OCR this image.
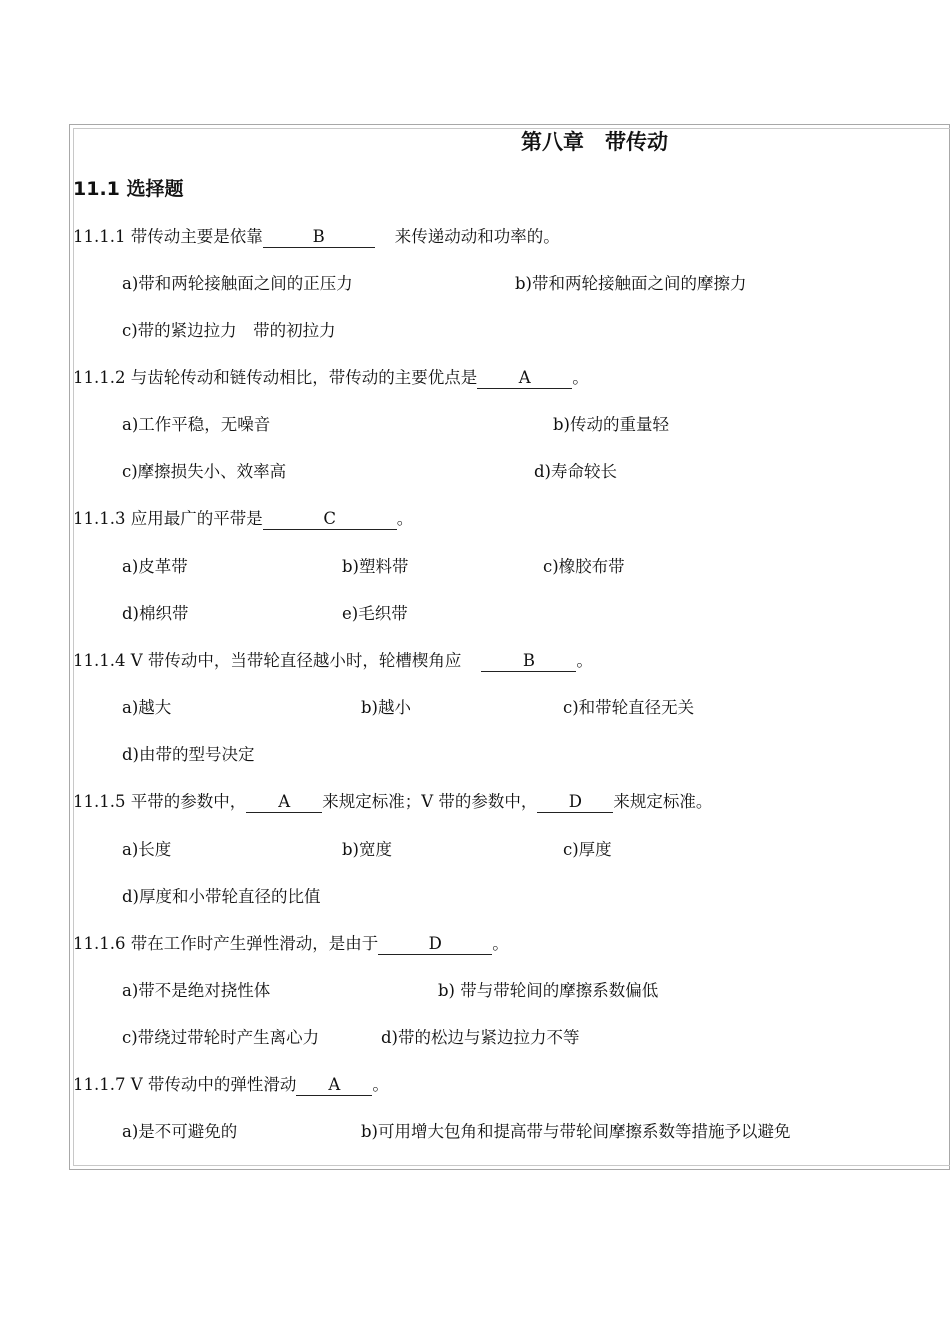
第八章　带传动
11.1 选择题
11.1.1 带传动主要是依靠	B	来传递动动和功率的。
a)带和两轮接触面之间的正压力	b)带和两轮接触面之间的摩擦力
c)带的紧边拉力　带的初拉力
11.1.2 与齿轮传动和链传动相比，带传动的主要优点是	A	。
a)工作平稳，无噪音	b)传动的重量轻
c)摩擦损失小、效率高	d)寿命较长
11.1.3 应用最广的平带是	C	。
a)皮革带	b)塑料带	c)橡胶布带
d)棉织带	e)毛织带
11.1.4 V 带传动中，当带轮直径越小时，轮槽楔角应	B	。
a)越大	b)越小	c)和带轮直径无关
d)由带的型号决定
11.1.5 平带的参数中， A 来规定标准；V 带的参数中， D 来规定标准。
a)长度	b)宽度	c)厚度
d)厚度和小带轮直径的比值
11.1.6 带在工作时产生弹性滑动，是由于	D	。
a)带不是绝对挠性体	b) 带与带轮间的摩擦系数偏低
c)带绕过带轮时产生离心力	d)带的松边与紧边拉力不等
11.1.7 V 带传动中的弹性滑动 A 。
a)是不可避免的	b)可用增大包角和提高带与带轮间摩擦系数等措施予以避免
